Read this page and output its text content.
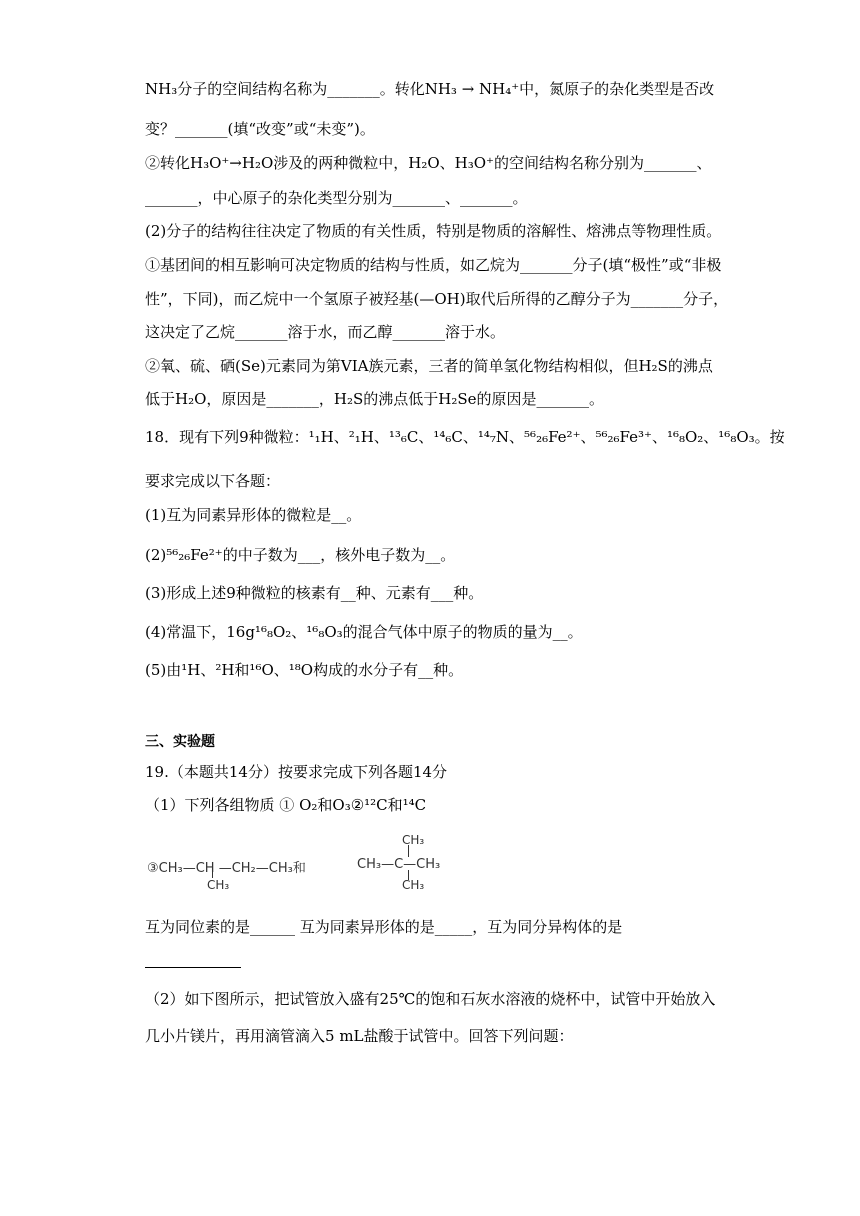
NH₃分子的空间结构名称为_______。转化NH₃ → NH₄⁺中，氮原子的杂化类型是否改
变？_______(填“改变”或“未变”)。
②转化H₃O⁺→H₂O涉及的两种微粒中，H₂O、H₃O⁺的空间结构名称分别为_______、
_______，中心原子的杂化类型分别为_______、_______。
(2)分子的结构往往决定了物质的有关性质，特别是物质的溶解性、熔沸点等物理性质。
①基团间的相互影响可决定物质的结构与性质，如乙烷为_______分子(填“极性”或“非极
性”，下同)，而乙烷中一个氢原子被羟基(—OH)取代后所得的乙醇分子为_______分子，
这决定了乙烷_______溶于水，而乙醇_______溶于水。
②氧、硫、硒(Se)元素同为第VIA族元素，三者的简单氢化物结构相似，但H₂S的沸点
低于H₂O，原因是_______，H₂S的沸点低于H₂Se的原因是_______。
18．现有下列9种微粒：¹₁H、²₁H、¹³₆C、¹⁴₆C、¹⁴₇N、⁵⁶₂₆Fe²⁺、⁵⁶₂₆Fe³⁺、¹⁶₈O₂、¹⁶₈O₃。按
要求完成以下各题：
(1)互为同素异形体的微粒是__。
(2)⁵⁶₂₆Fe²⁺的中子数为___，核外电子数为__。
(3)形成上述9种微粒的核素有__种、元素有___种。
(4)常温下，16g¹⁶₈O₂、¹⁶₈O₃的混合气体中原子的物质的量为__。
(5)由¹H、²H和¹⁶O、¹⁸O构成的水分子有__种。
三、实验题
19.（本题共14分）按要求完成下列各题14分
（1）下列各组物质 ① O₂和O₃②¹²C和¹⁴C
③CH₃—CH —CH₂—CH₃和
CH₃
CH₃
CH₃—C—CH₃
CH₃
互为同位素的是______ 互为同素异形体的是_____，互为同分异构体的是
（2）如下图所示，把试管放入盛有25℃的饱和石灰水溶液的烧杯中，试管中开始放入
几小片镁片，再用滴管滴入5 mL盐酸于试管中。回答下列问题：
